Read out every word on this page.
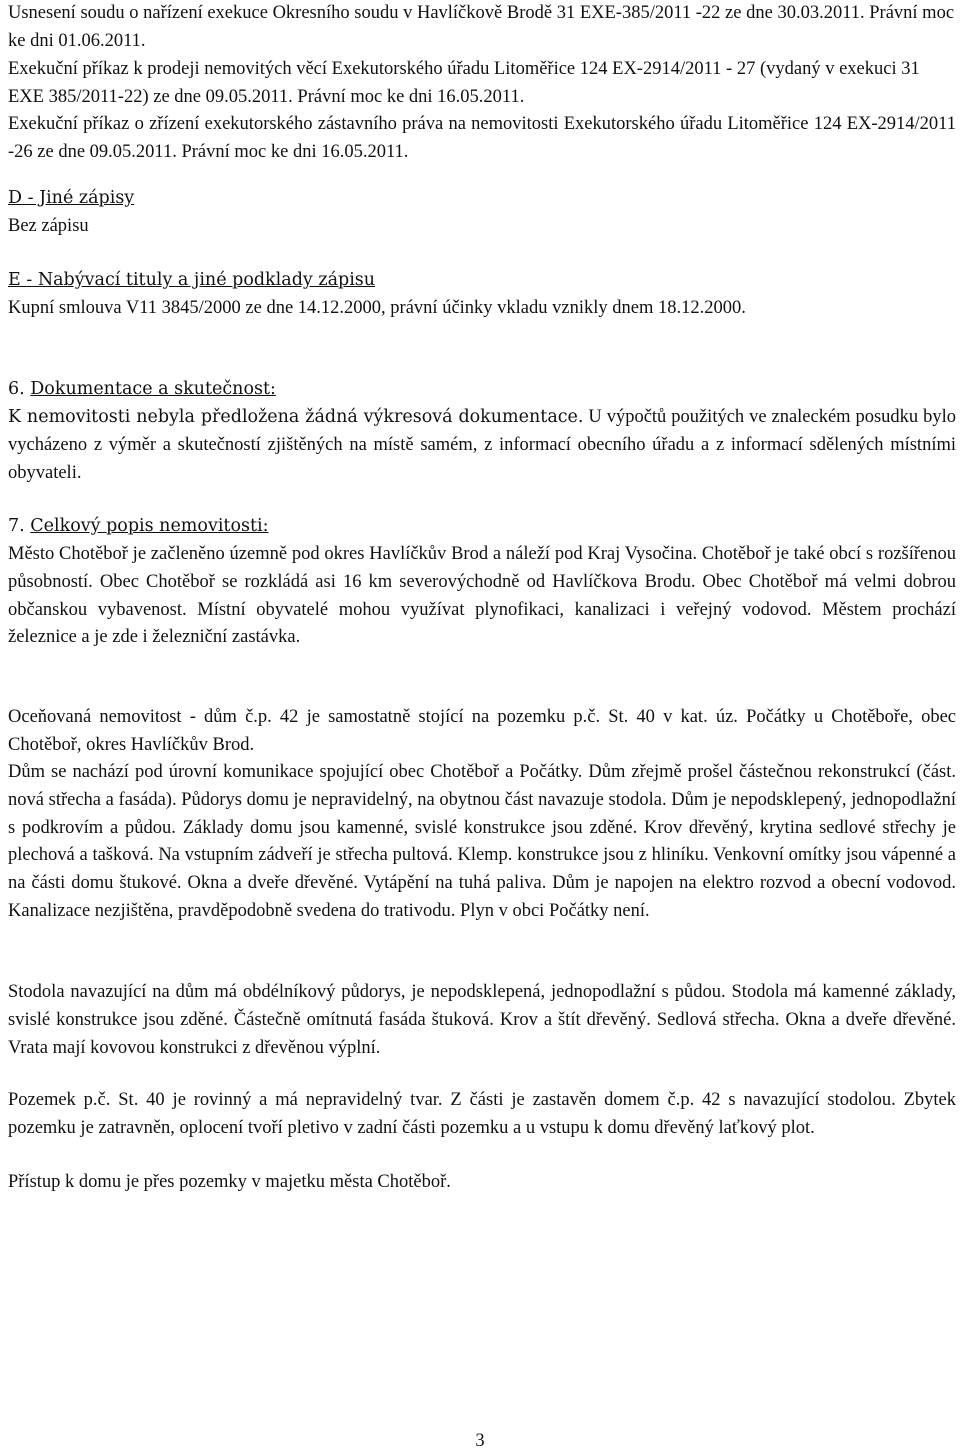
Usnesení soudu o nařízení exekuce Okresního soudu v Havlíčkově Brodě 31 EXE-385/2011 -22 ze dne 30.03.2011. Právní moc ke dni 01.06.2011.

Exekuční příkaz k prodeji nemovitých věcí Exekutorského úřadu Litoměřice 124 EX-2914/2011 - 27 (vydaný v exekuci 31 EXE 385/2011-22) ze dne 09.05.2011. Právní moc ke dni 16.05.2011.

Exekuční příkaz o zřízení exekutorského zástavního práva na nemovitosti Exekutorského úřadu Litoměřice 124 EX-2914/2011 -26 ze dne 09.05.2011. Právní moc ke dni 16.05.2011.

D - Jiné zápisy

Bez zápisu

E - Nabývací tituly a jiné podklady zápisu

Kupní smlouva V11 3845/2000 ze dne 14.12.2000, právní účinky vkladu vznikly dnem 18.12.2000.

6. Dokumentace a skutečnost:

K nemovitosti nebyla předložena žádná výkresová dokumentace. U výpočtů použitých ve znaleckém posudku bylo vycházeno z výměr a skutečností zjištěných na místě samém, z informací obecního úřadu a z informací sdělených místními obyvateli.

7. Celkový popis nemovitosti:

Město Chotěboř je začleněno územně pod okres Havlíčkův Brod a náleží pod Kraj Vysočina. Chotěboř je také obcí s rozšířenou působností. Obec Chotěboř se rozkládá asi 16 km severovýchodně od Havlíčkova Brodu. Obec Chotěboř má velmi dobrou občanskou vybavenost. Místní obyvatelé mohou využívat plynofikaci, kanalizaci i veřejný vodovod. Městem prochází železnice a je zde i železniční zastávka.

Oceňovaná nemovitost - dům č.p. 42 je samostatně stojící na pozemku p.č. St. 40 v kat. úz. Počátky u Chotěboře, obec Chotěboř, okres Havlíčkův Brod.

Dům se nachází pod úrovní komunikace spojující obec Chotěboř a Počátky. Dům zřejmě prošel částečnou rekonstrukcí (část. nová střecha a fasáda). Půdorys domu je nepravidelný, na obytnou část navazuje stodola. Dům je nepodsklepený, jednopodlažní s podkrovím a půdou. Základy domu jsou kamenné, svislé konstrukce jsou zděné. Krov dřevěný, krytina sedlové střechy je plechová a tašková. Na vstupním zádveří je střecha pultová. Klemp. konstrukce jsou z hliníku. Venkovní omítky jsou vápenné a na části domu štukové. Okna a dveře dřevěné. Vytápění na tuhá paliva. Dům je napojen na elektro rozvod a obecní vodovod. Kanalizace nezjištěna, pravděpodobně svedena do trativodu. Plyn v obci Počátky není.

Stodola navazující na dům má obdélníkový půdorys, je nepodsklepená, jednopodlažní s půdou. Stodola má kamenné základy, svislé konstrukce jsou zděné. Částečně omítnutá fasáda štuková. Krov a štít dřevěný. Sedlová střecha. Okna a dveře dřevěné. Vrata mají kovovou konstrukci z dřevěnou výplní.

Pozemek p.č. St. 40 je rovinný a má nepravidelný tvar. Z části je zastavěn domem č.p. 42 s navazující stodolou. Zbytek pozemku je zatravněn, oplocení tvoří pletivo v zadní části pozemku a u vstupu k domu dřevěný laťkový plot.

Přístup k domu je přes pozemky v majetku města Chotěboř.

3
